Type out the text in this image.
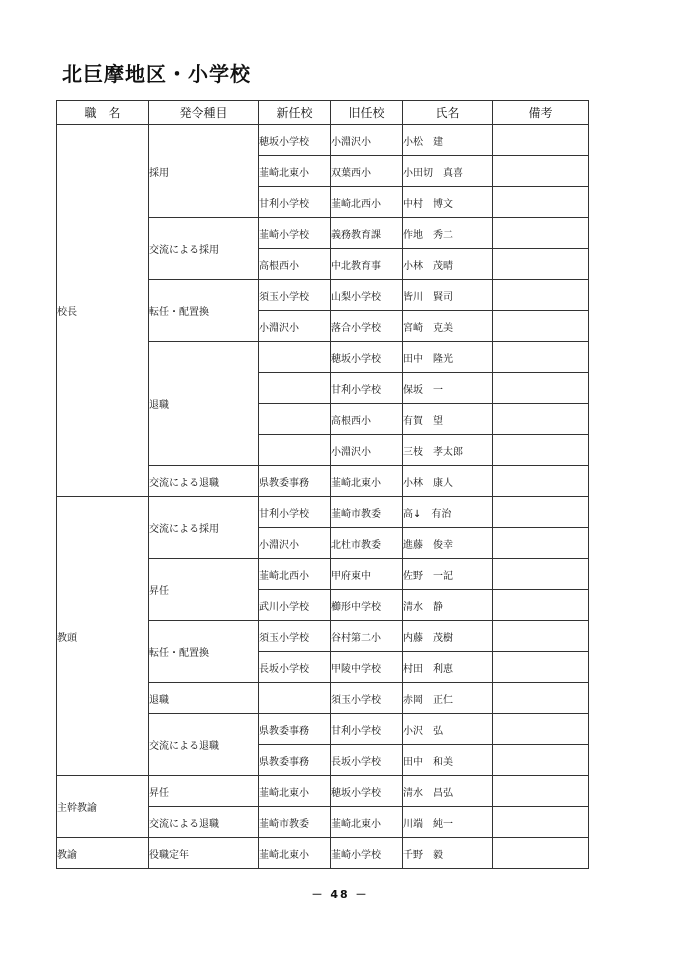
北巨摩地区・小学校
職　名	発令種目	新任校	旧任校	氏名	備考
校長	採用	穂坂小学校	小淵沢小	小松　建	
		韮崎北東小	双葉西小	小田切　真喜	
		甘利小学校	韮崎北西小	中村　博文	
	交流による採用	韮崎小学校	義務教育課	作地　秀二	
		高根西小	中北教育事	小林　茂晴	
	転任・配置換	須玉小学校	山梨小学校	皆川　賢司	
		小淵沢小	落合小学校	宮崎　克美	
	退職		穂坂小学校	田中　隆光	
			甘利小学校	保坂　一	
			高根西小	有賀　望	
			小淵沢小	三枝　孝太郎	
	交流による退職	県教委事務	韮崎北東小	小林　康人	
教頭	交流による採用	甘利小学校	韮崎市教委	高↓　有治	
		小淵沢小	北杜市教委	進藤　俊幸	
	昇任	韮崎北西小	甲府東中	佐野　一記	
		武川小学校	櫛形中学校	清水　静	
	転任・配置換	須玉小学校	谷村第二小	内藤　茂樹	
		長坂小学校	甲陵中学校	村田　利恵	
	退職		須玉小学校	赤岡　正仁	
	交流による退職	県教委事務	甘利小学校	小沢　弘	
		県教委事務	長坂小学校	田中　和美	
主幹教諭	昇任	韮崎北東小	穂坂小学校	清水　昌弘	
	交流による退職	韮崎市教委	韮崎北東小	川端　純一	
教諭	役職定年	韮崎北東小	韮崎小学校	千野　毅	
－ 48 －
